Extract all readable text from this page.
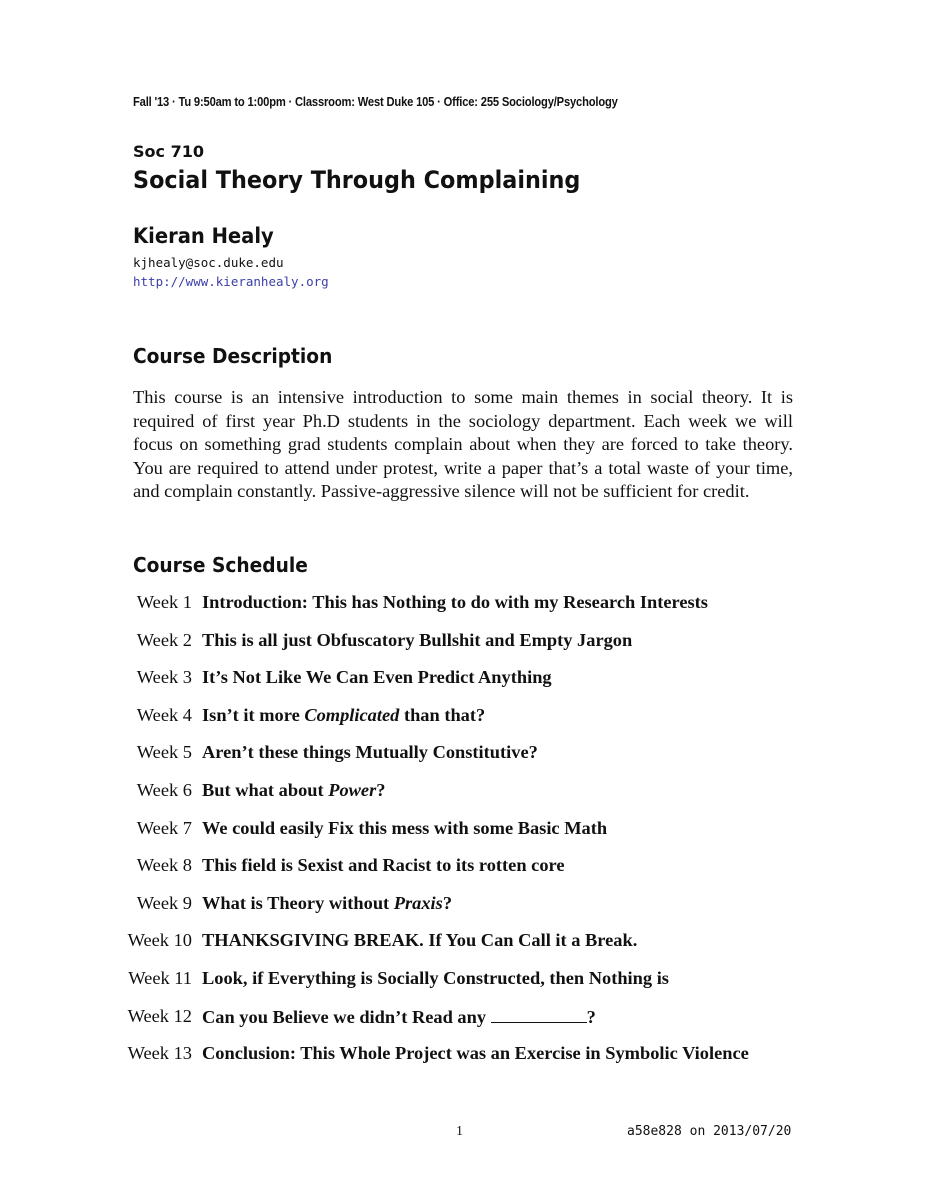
Fall '13 · Tu 9:50am to 1:00pm · Classroom: West Duke 105 · Office: 255 Sociology/Psychology
Soc 710
Social Theory Through Complaining
Kieran Healy
kjhealy@soc.duke.edu
http://www.kieranhealy.org
Course Description
This course is an intensive introduction to some main themes in social theory. It is required of first year Ph.D students in the sociology department. Each week we will focus on something grad students complain about when they are forced to take theory. You are required to attend under protest, write a paper that’s a total waste of your time, and complain constantly. Passive-aggressive silence will not be sufficient for credit.
Course Schedule
Week 1 Introduction: This has Nothing to do with my Research Interests
Week 2 This is all just Obfuscatory Bullshit and Empty Jargon
Week 3 It’s Not Like We Can Even Predict Anything
Week 4 Isn’t it more Complicated than that?
Week 5 Aren’t these things Mutually Constitutive?
Week 6 But what about Power?
Week 7 We could easily Fix this mess with some Basic Math
Week 8 This field is Sexist and Racist to its rotten core
Week 9 What is Theory without Praxis?
Week 10 THANKSGIVING BREAK. If You Can Call it a Break.
Week 11 Look, if Everything is Socially Constructed, then Nothing is
Week 12 Can you Believe we didn’t Read any	?
Week 13 Conclusion: This Whole Project was an Exercise in Symbolic Violence
1	a58e828 on 2013/07/20
